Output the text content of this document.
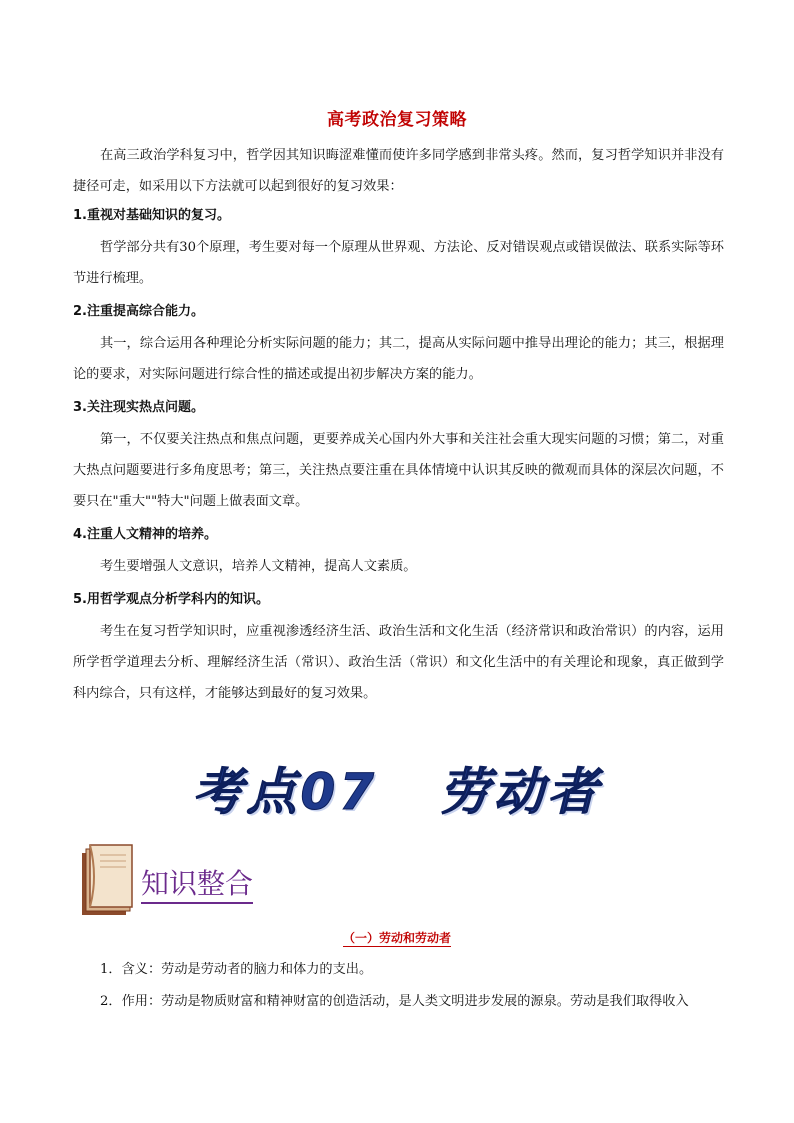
高考政治复习策略
在高三政治学科复习中，哲学因其知识晦涩难懂而使许多同学感到非常头疼。然而，复习哲学知识并非没有捷径可走，如采用以下方法就可以起到很好的复习效果：
1.重视对基础知识的复习。
哲学部分共有30个原理，考生要对每一个原理从世界观、方法论、反对错误观点或错误做法、联系实际等环节进行梳理。
2.注重提高综合能力。
其一，综合运用各种理论分析实际问题的能力；其二，提高从实际问题中推导出理论的能力；其三，根据理论的要求，对实际问题进行综合性的描述或提出初步解决方案的能力。
3.关注现实热点问题。
第一，不仅要关注热点和焦点问题，更要养成关心国内外大事和关注社会重大现实问题的习惯；第二，对重大热点问题要进行多角度思考；第三，关注热点要注重在具体情境中认识其反映的微观而具体的深层次问题，不要只在"重大""特大"问题上做表面文章。
4.注重人文精神的培养。
考生要增强人文意识，培养人文精神，提高人文素质。
5.用哲学观点分析学科内的知识。
考生在复习哲学知识时，应重视渗透经济生活、政治生活和文化生活（经济常识和政治常识）的内容，运用所学哲学道理去分析、理解经济生活（常识）、政治生活（常识）和文化生活中的有关理论和现象，真正做到学科内综合，只有这样，才能够达到最好的复习效果。
考点07 劳动者
知识整合
（一）劳动和劳动者
1．含义：劳动是劳动者的脑力和体力的支出。
2．作用：劳动是物质财富和精神财富的创造活动，是人类文明进步发展的源泉。劳动是我们取得收入
